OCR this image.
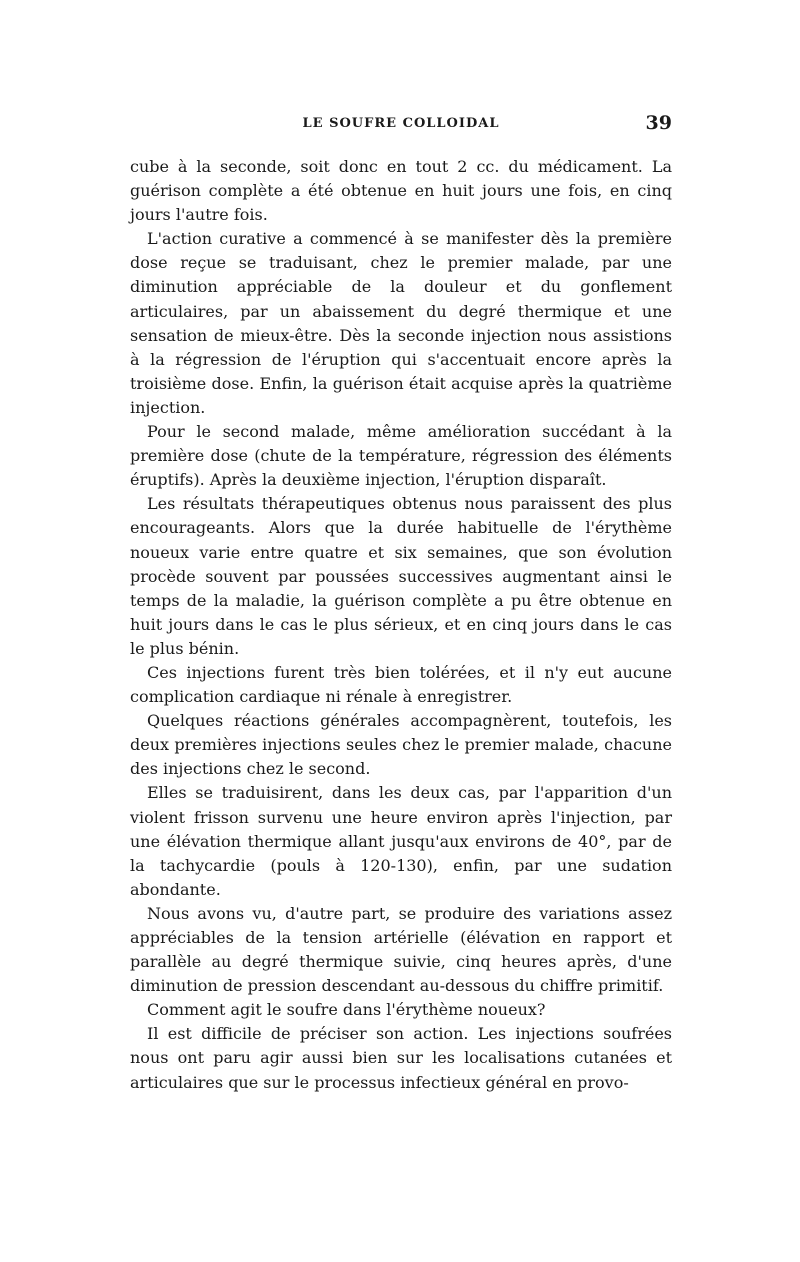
LE SOUFRE COLLOIDAL	39

cube à la seconde, soit donc en tout 2 cc. du médicament. La guérison complète a été obtenue en huit jours une fois, en cinq jours l'autre fois.

L'action curative a commencé à se manifester dès la première dose reçue se traduisant, chez le premier malade, par une diminution appréciable de la douleur et du gonflement articulaires, par un abaissement du degré thermique et une sensation de mieux-être. Dès la seconde injection nous assistions à la régression de l'éruption qui s'accentuait encore après la troisième dose. Enfin, la guérison était acquise après la quatrième injection.

Pour le second malade, même amélioration succédant à la première dose (chute de la température, régression des éléments éruptifs). Après la deuxième injection, l'éruption disparaît.

Les résultats thérapeutiques obtenus nous paraissent des plus encourageants. Alors que la durée habituelle de l'érythème noueux varie entre quatre et six semaines, que son évolution procède souvent par poussées successives augmentant ainsi le temps de la maladie, la guérison complète a pu être obtenue en huit jours dans le cas le plus sérieux, et en cinq jours dans le cas le plus bénin.

Ces injections furent très bien tolérées, et il n'y eut aucune complication cardiaque ni rénale à enregistrer.

Quelques réactions générales accompagnèrent, toutefois, les deux premières injections seules chez le premier malade, chacune des injections chez le second.

Elles se traduisirent, dans les deux cas, par l'apparition d'un violent frisson survenu une heure environ après l'injection, par une élévation thermique allant jusqu'aux environs de 40°, par de la tachycardie (pouls à 120-130), enfin, par une sudation abondante.

Nous avons vu, d'autre part, se produire des variations assez appréciables de la tension artérielle (élévation en rapport et parallèle au degré thermique suivie, cinq heures après, d'une diminution de pression descendant au-dessous du chiffre primitif.

Comment agit le soufre dans l'érythème noueux?

Il est difficile de préciser son action. Les injections soufrées nous ont paru agir aussi bien sur les localisations cutanées et articulaires que sur le processus infectieux général en provo-
